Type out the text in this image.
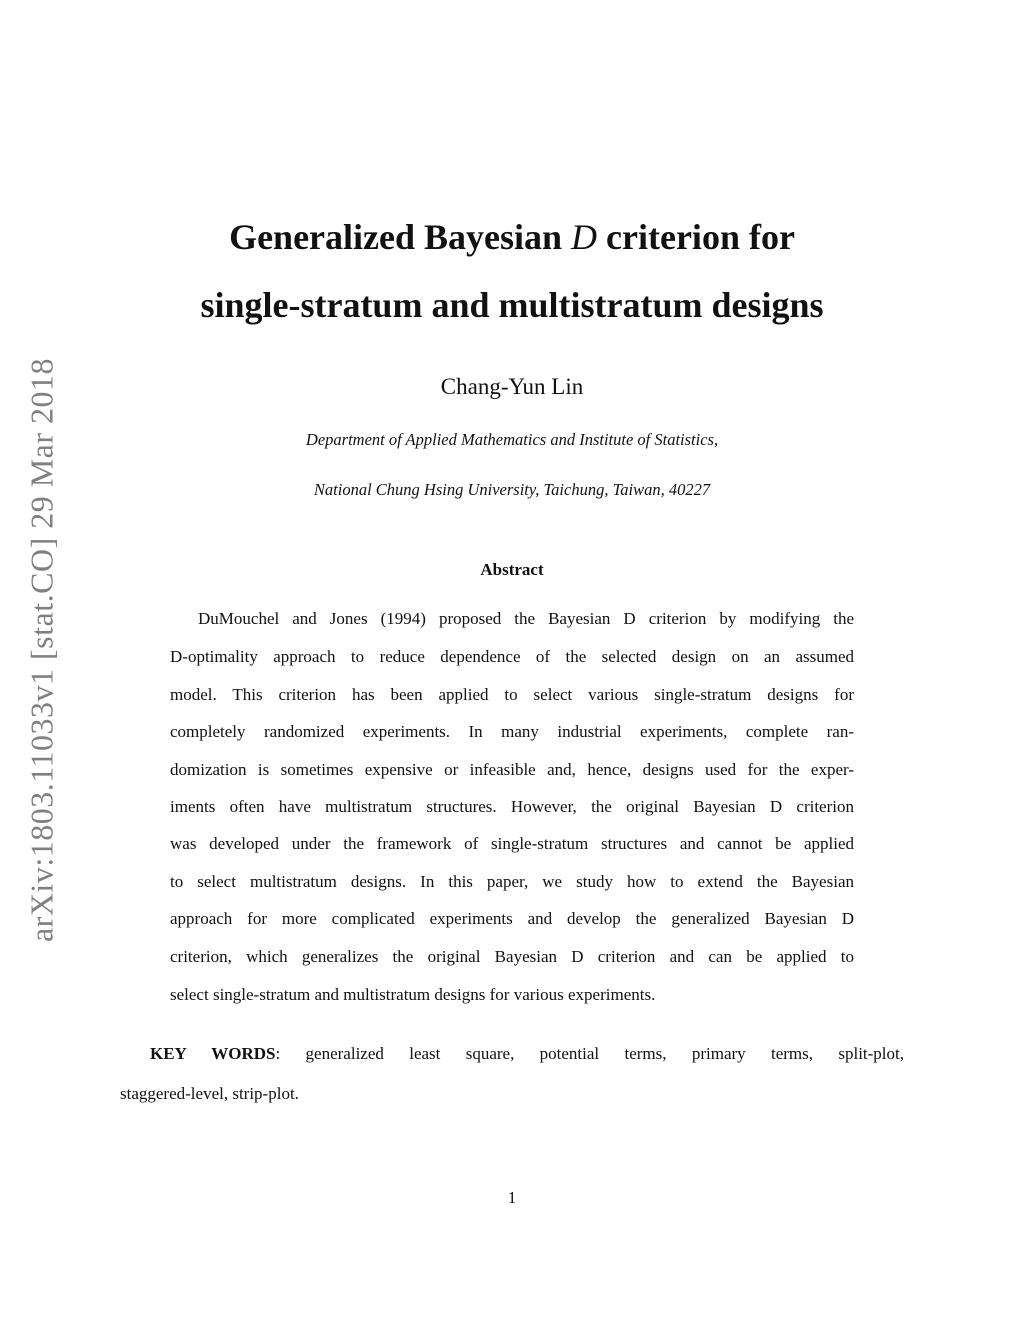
arXiv:1803.11033v1 [stat.CO] 29 Mar 2018
Generalized Bayesian D criterion for
single-stratum and multistratum designs
Chang-Yun Lin
Department of Applied Mathematics and Institute of Statistics,
National Chung Hsing University, Taichung, Taiwan, 40227
Abstract
DuMouchel and Jones (1994) proposed the Bayesian D criterion by modifying the
D-optimality approach to reduce dependence of the selected design on an assumed
model. This criterion has been applied to select various single-stratum designs for
completely randomized experiments. In many industrial experiments, complete ran-
domization is sometimes expensive or infeasible and, hence, designs used for the exper-
iments often have multistratum structures. However, the original Bayesian D criterion
was developed under the framework of single-stratum structures and cannot be applied
to select multistratum designs. In this paper, we study how to extend the Bayesian
approach for more complicated experiments and develop the generalized Bayesian D
criterion, which generalizes the original Bayesian D criterion and can be applied to
select single-stratum and multistratum designs for various experiments.
KEY WORDS: generalized least square, potential terms, primary terms, split-plot,
staggered-level, strip-plot.
1
